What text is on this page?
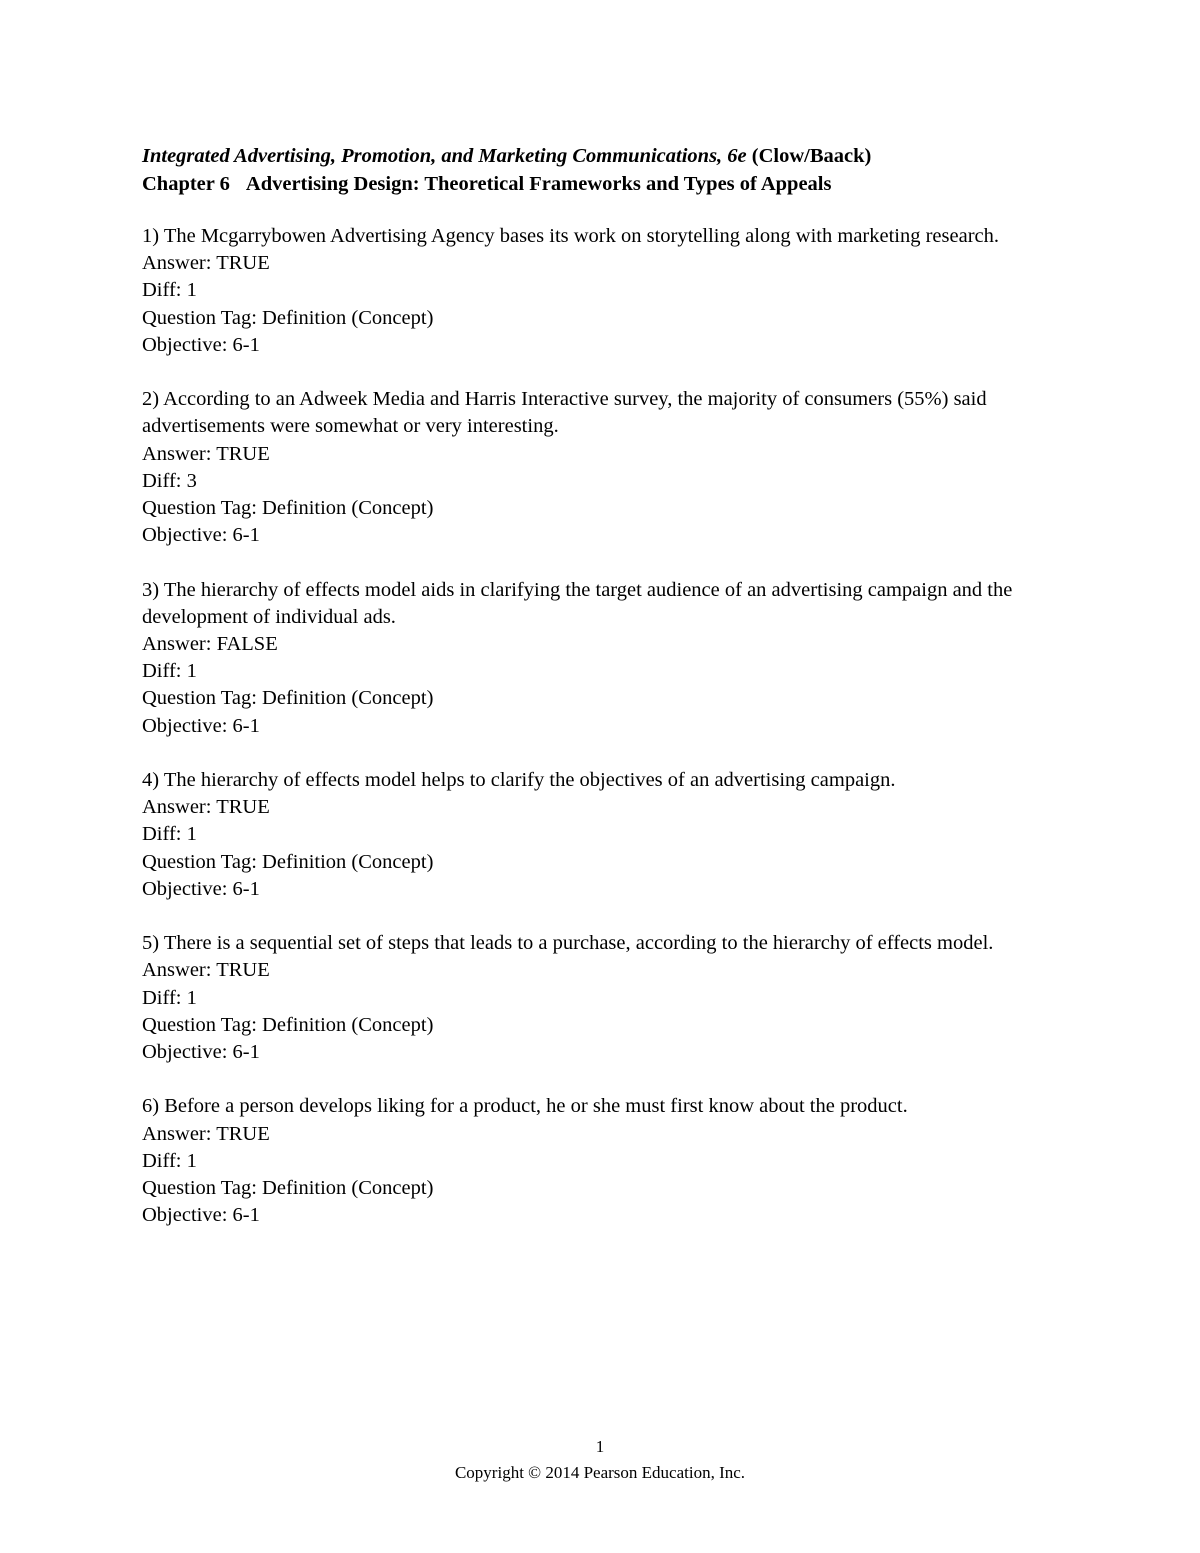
Integrated Advertising, Promotion, and Marketing Communications, 6e (Clow/Baack)
Chapter 6 Advertising Design: Theoretical Frameworks and Types of Appeals
1) The Mcgarrybowen Advertising Agency bases its work on storytelling along with marketing research.
Answer: TRUE
Diff: 1
Question Tag: Definition (Concept)
Objective: 6-1
2) According to an Adweek Media and Harris Interactive survey, the majority of consumers (55%) said advertisements were somewhat or very interesting.
Answer: TRUE
Diff: 3
Question Tag: Definition (Concept)
Objective: 6-1
3) The hierarchy of effects model aids in clarifying the target audience of an advertising campaign and the development of individual ads.
Answer: FALSE
Diff: 1
Question Tag: Definition (Concept)
Objective: 6-1
4) The hierarchy of effects model helps to clarify the objectives of an advertising campaign.
Answer: TRUE
Diff: 1
Question Tag: Definition (Concept)
Objective: 6-1
5) There is a sequential set of steps that leads to a purchase, according to the hierarchy of effects model.
Answer: TRUE
Diff: 1
Question Tag: Definition (Concept)
Objective: 6-1
6) Before a person develops liking for a product, he or she must first know about the product.
Answer: TRUE
Diff: 1
Question Tag: Definition (Concept)
Objective: 6-1
1
Copyright © 2014 Pearson Education, Inc.
